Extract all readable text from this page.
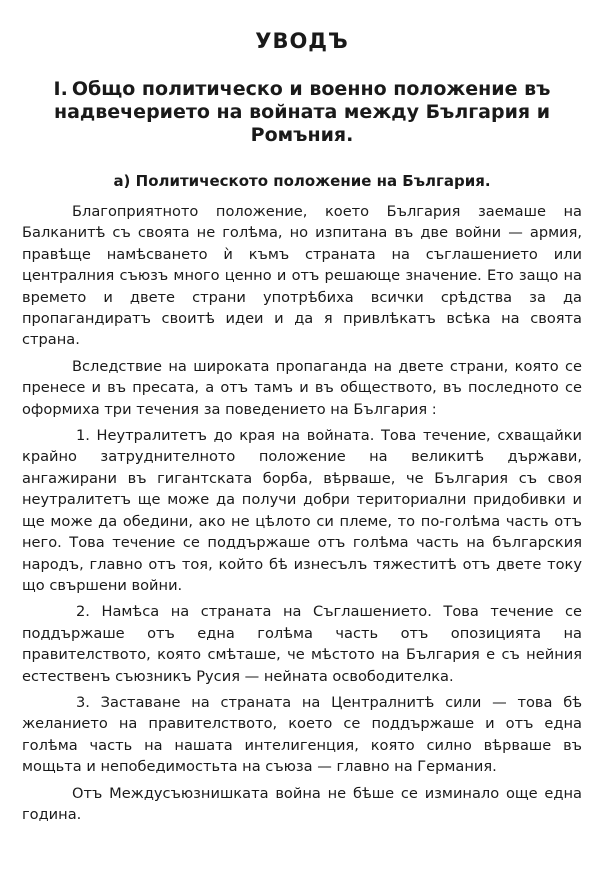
УВОДЪ
I. Общо политическо и военно положение въ надвечерието на войната между България и Ромъния.
а) Политическото положение на България.

Благоприятното положение, което България заемаше на Балканитѣ съ своята не голѣма, но изпитана въ две войни — армия, правѣще намѣсването ѝ къмъ страната на съглашението или централния съюзъ много ценно и отъ решающе значение. Ето защо на времето и двете страни употрѣбиха всички срѣдства за да пропагандиратъ своитѣ идеи и да я привлѣкатъ всѣка на своята страна.

Вследствие на широката пропаганда на двете страни, която се пренесе и въ пресата, а отъ тамъ и въ обществото, въ последното се оформиха три течения за поведението на България :

1. Неутралитетъ до края на войната. Това течение, схващайки крайно затруднителното положение на великитѣ държави, ангажирани въ гигантската борба, вѣрваше, че България съ своя неутралитетъ ще може да получи добри териториални придобивки и ще може да обедини, ако не цѣлото си племе, то по-голѣма часть отъ него. Това течение се поддържаше отъ голѣма часть на българския народъ, главно отъ тоя, който бѣ изнесълъ тяжеститѣ отъ двете току що свършени войни.

2. Намѣса на страната на Съглашението. Това течение се поддържаше отъ една голѣма часть отъ опозицията на правителството, която смѣташе, че мѣстото на България е съ нейния естественъ съюзникъ Русия — нейната освободителка.

3. Заставане на страната на Централнитѣ сили — това бѣ желанието на правителството, което се поддържаше и отъ една голѣма часть на нашата интелигенция, която силно вѣрваше въ мощьта и непобедимостьта на съюза — главно на Германия.

Отъ Междусъюзнишката война не бѣше се изминало още една година.
